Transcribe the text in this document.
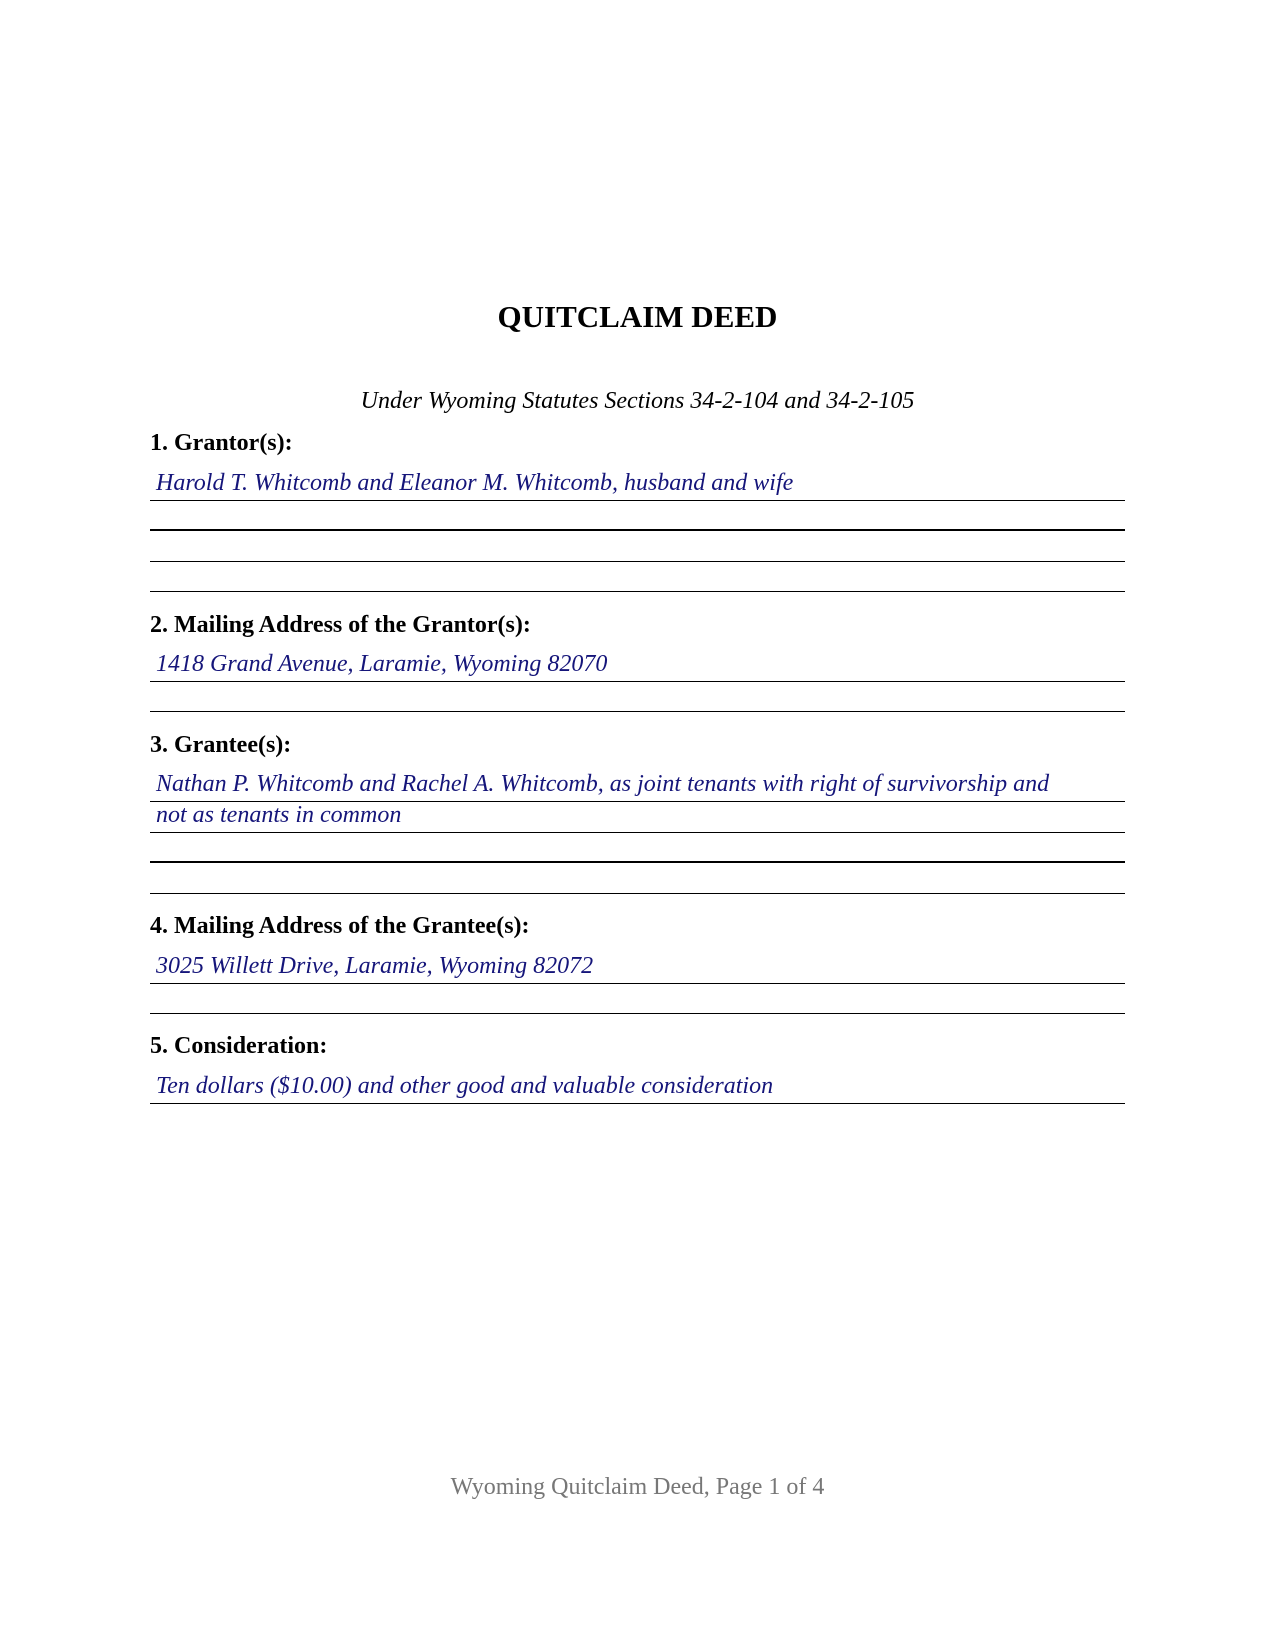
QUITCLAIM DEED

Under Wyoming Statutes Sections 34-2-104 and 34-2-105

1. Grantor(s):
Harold T. Whitcomb and Eleanor M. Whitcomb, husband and wife
2. Mailing Address of the Grantor(s):
1418 Grand Avenue, Laramie, Wyoming 82070
3. Grantee(s):
Nathan P. Whitcomb and Rachel A. Whitcomb, as joint tenants with right of survivorship and
not as tenants in common
4. Mailing Address of the Grantee(s):
3025 Willett Drive, Laramie, Wyoming 82072
5. Consideration:
Ten dollars ($10.00) and other good and valuable consideration
Wyoming Quitclaim Deed, Page 1 of 4
